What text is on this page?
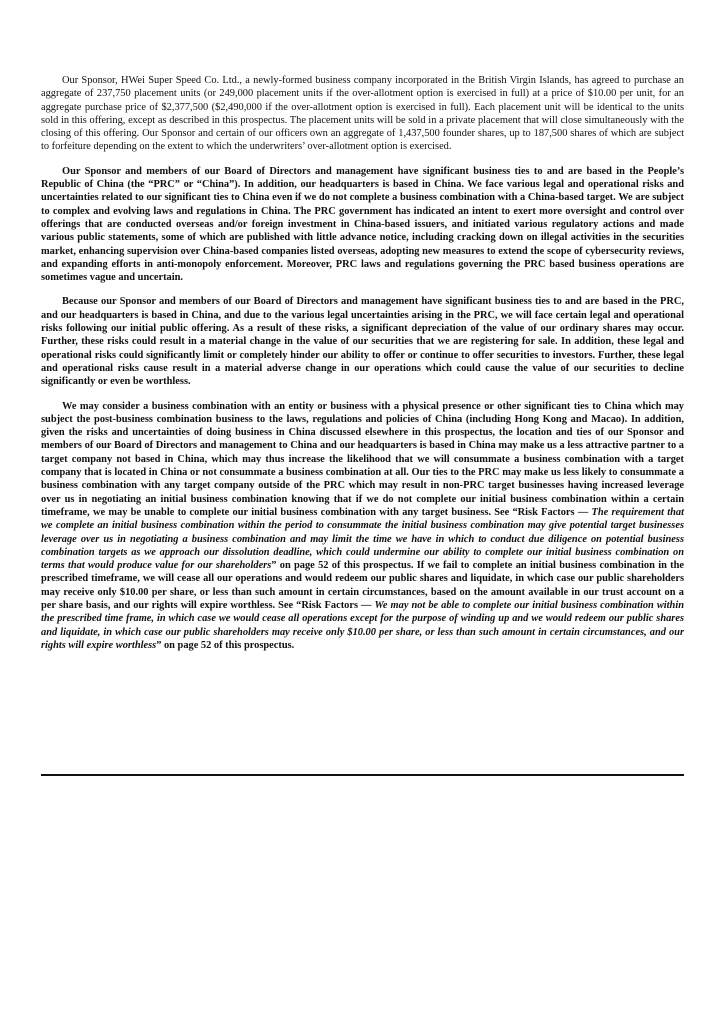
Our Sponsor, HWei Super Speed Co. Ltd., a newly-formed business company incorporated in the British Virgin Islands, has agreed to purchase an aggregate of 237,750 placement units (or 249,000 placement units if the over-allotment option is exercised in full) at a price of $10.00 per unit, for an aggregate purchase price of $2,377,500 ($2,490,000 if the over-allotment option is exercised in full). Each placement unit will be identical to the units sold in this offering, except as described in this prospectus. The placement units will be sold in a private placement that will close simultaneously with the closing of this offering. Our Sponsor and certain of our officers own an aggregate of 1,437,500 founder shares, up to 187,500 shares of which are subject to forfeiture depending on the extent to which the underwriters’ over-allotment option is exercised.

Our Sponsor and members of our Board of Directors and management have significant business ties to and are based in the People’s Republic of China (the “PRC” or “China”). In addition, our headquarters is based in China. We face various legal and operational risks and uncertainties related to our significant ties to China even if we do not complete a business combination with a China-based target. We are subject to complex and evolving laws and regulations in China. The PRC government has indicated an intent to exert more oversight and control over offerings that are conducted overseas and/or foreign investment in China-based issuers, and initiated various regulatory actions and made various public statements, some of which are published with little advance notice, including cracking down on illegal activities in the securities market, enhancing supervision over China-based companies listed overseas, adopting new measures to extend the scope of cybersecurity reviews, and expanding efforts in anti-monopoly enforcement. Moreover, PRC laws and regulations governing the PRC based business operations are sometimes vague and uncertain.

Because our Sponsor and members of our Board of Directors and management have significant business ties to and are based in the PRC, and our headquarters is based in China, and due to the various legal uncertainties arising in the PRC, we will face certain legal and operational risks following our initial public offering. As a result of these risks, a significant depreciation of the value of our ordinary shares may occur. Further, these risks could result in a material change in the value of our securities that we are registering for sale. In addition, these legal and operational risks could significantly limit or completely hinder our ability to offer or continue to offer securities to investors. Further, these legal and operational risks cause result in a material adverse change in our operations which could cause the value of our securities to decline significantly or even be worthless.

We may consider a business combination with an entity or business with a physical presence or other significant ties to China which may subject the post-business combination business to the laws, regulations and policies of China (including Hong Kong and Macao). In addition, given the risks and uncertainties of doing business in China discussed elsewhere in this prospectus, the location and ties of our Sponsor and members of our Board of Directors and management to China and our headquarters is based in China may make us a less attractive partner to a target company not based in China, which may thus increase the likelihood that we will consummate a business combination with a target company that is located in China or not consummate a business combination at all. Our ties to the PRC may make us less likely to consummate a business combination with any target company outside of the PRC which may result in non-PRC target businesses having increased leverage over us in negotiating an initial business combination knowing that if we do not complete our initial business combination within a certain timeframe, we may be unable to complete our initial business combination with any target business. See “Risk Factors — The requirement that we complete an initial business combination within the period to consummate the initial business combination may give potential target businesses leverage over us in negotiating a business combination and may limit the time we have in which to conduct due diligence on potential business combination targets as we approach our dissolution deadline, which could undermine our ability to complete our initial business combination on terms that would produce value for our shareholders” on page 52 of this prospectus. If we fail to complete an initial business combination in the prescribed timeframe, we will cease all our operations and would redeem our public shares and liquidate, in which case our public shareholders may receive only $10.00 per share, or less than such amount in certain circumstances, based on the amount available in our trust account on a per share basis, and our rights will expire worthless. See “Risk Factors — We may not be able to complete our initial business combination within the prescribed time frame, in which case we would cease all operations except for the purpose of winding up and we would redeem our public shares and liquidate, in which case our public shareholders may receive only $10.00 per share, or less than such amount in certain circumstances, and our rights will expire worthless” on page 52 of this prospectus.
